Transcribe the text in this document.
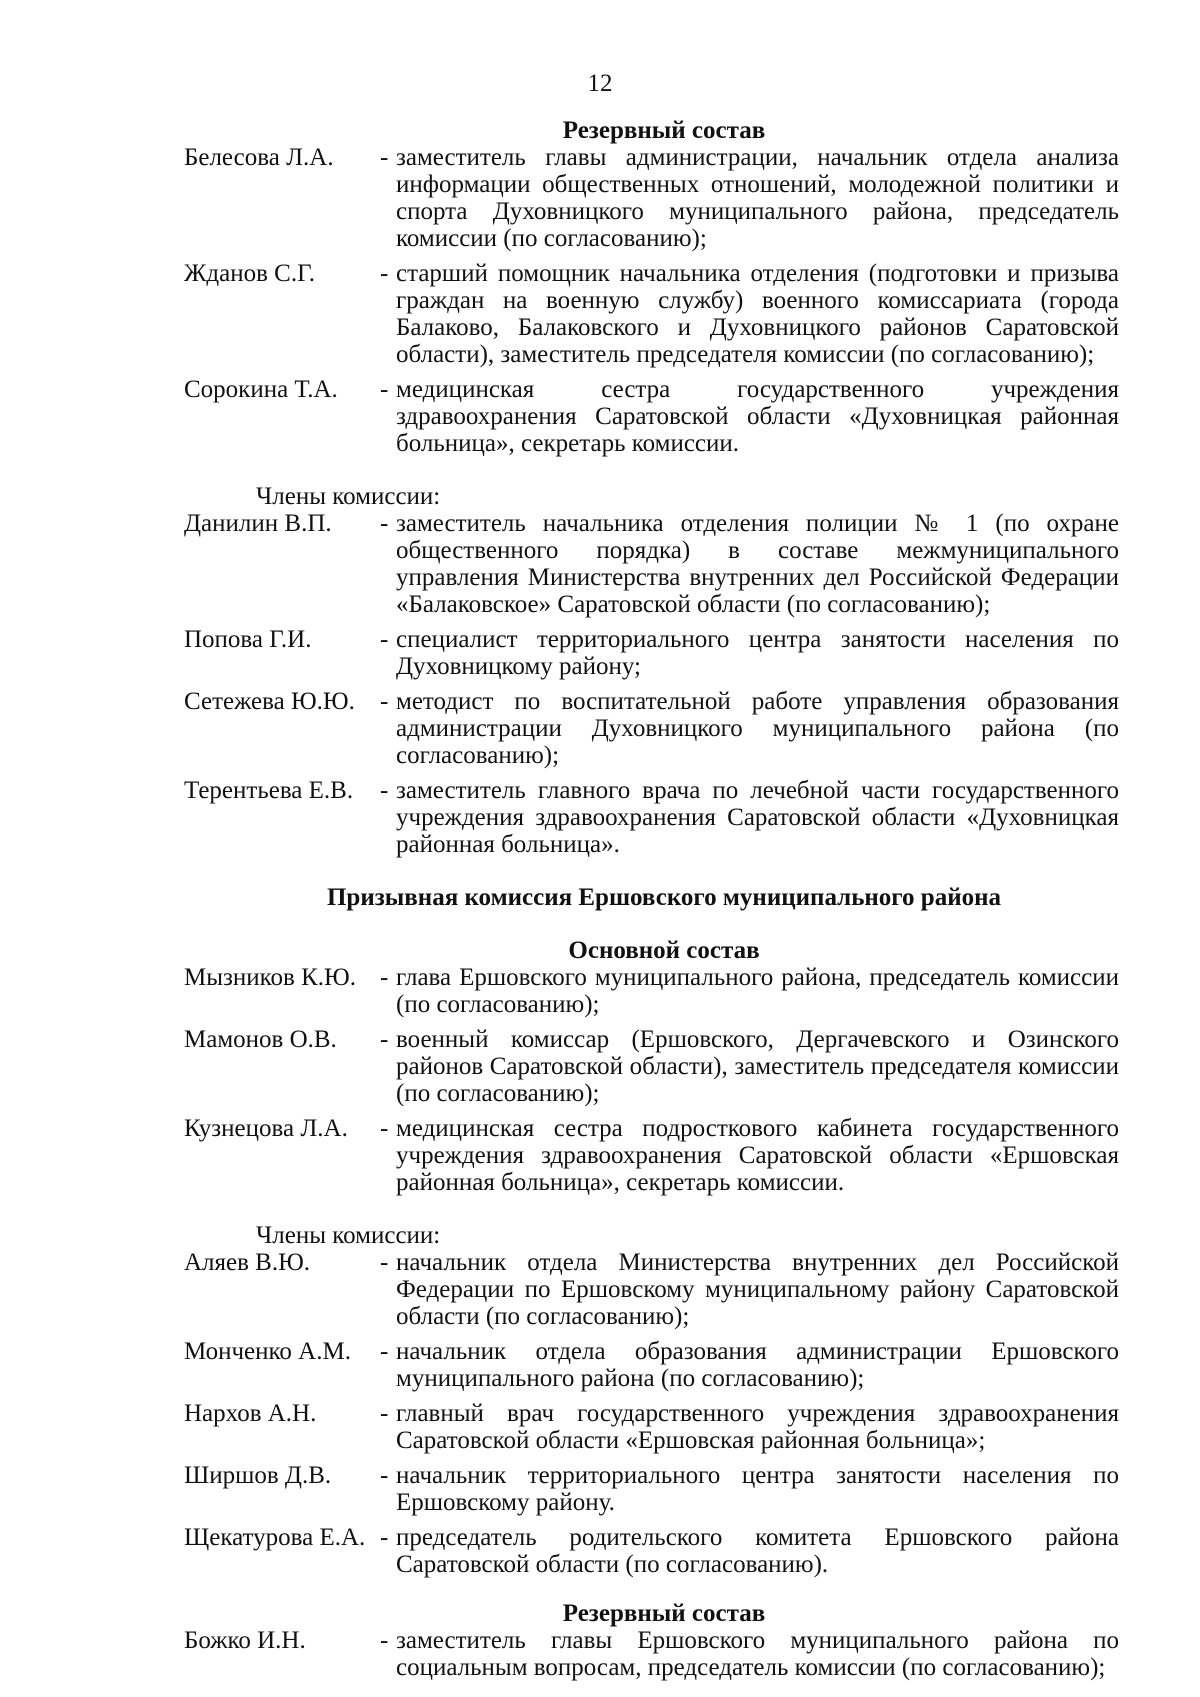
12
Резервный состав
Белесова Л.А.	- заместитель главы администрации, начальник отдела анализа информации общественных отношений, молодежной политики и спорта Духовницкого муниципального района, председатель комиссии (по согласованию);
Жданов С.Г.	- старший помощник начальника отделения (подготовки и призыва граждан на военную службу) военного комиссариата (города Балаково, Балаковского и Духовницкого районов Саратовской области), заместитель председателя комиссии (по согласованию);
Сорокина Т.А.	- медицинская сестра государственного учреждения здравоохранения Саратовской области «Духовницкая районная больница», секретарь комиссии.
Члены комиссии:
Данилин В.П.	- заместитель начальника отделения полиции № 1 (по охране общественного порядка) в составе межмуниципального управления Министерства внутренних дел Российской Федерации «Балаковское» Саратовской области (по согласованию);
Попова Г.И.	- специалист территориального центра занятости населения по Духовницкому району;
Сетежева Ю.Ю.	- методист по воспитательной работе управления образования администрации Духовницкого муниципального района (по согласованию);
Терентьева Е.В.	- заместитель главного врача по лечебной части государственного учреждения здравоохранения Саратовской области «Духовницкая районная больница».
Призывная комиссия Ершовского муниципального района
Основной состав
Мызников К.Ю. - глава Ершовского муниципального района, председатель комиссии (по согласованию);
Мамонов О.В.	- военный комиссар (Ершовского, Дергачевского и Озинского районов Саратовской области), заместитель председателя комиссии (по согласованию);
Кузнецова Л.А.	- медицинская сестра подросткового кабинета государственного учреждения здравоохранения Саратовской области «Ершовская районная больница», секретарь комиссии.
Члены комиссии:
Аляев В.Ю.	- начальник отдела Министерства внутренних дел Российской Федерации по Ершовскому муниципальному району Саратовской области (по согласованию);
Монченко А.М.	- начальник отдела образования администрации Ершовского муниципального района (по согласованию);
Нархов А.Н.	- главный врач государственного учреждения здравоохранения Саратовской области «Ершовская районная больница»;
Ширшов Д.В.	- начальник территориального центра занятости населения по Ершовскому району.
Щекатурова Е.А. - председатель родительского комитета Ершовского района Саратовской области (по согласованию).
Резервный состав
Божко И.Н.	- заместитель главы Ершовского муниципального района по социальным вопросам, председатель комиссии (по согласованию);
